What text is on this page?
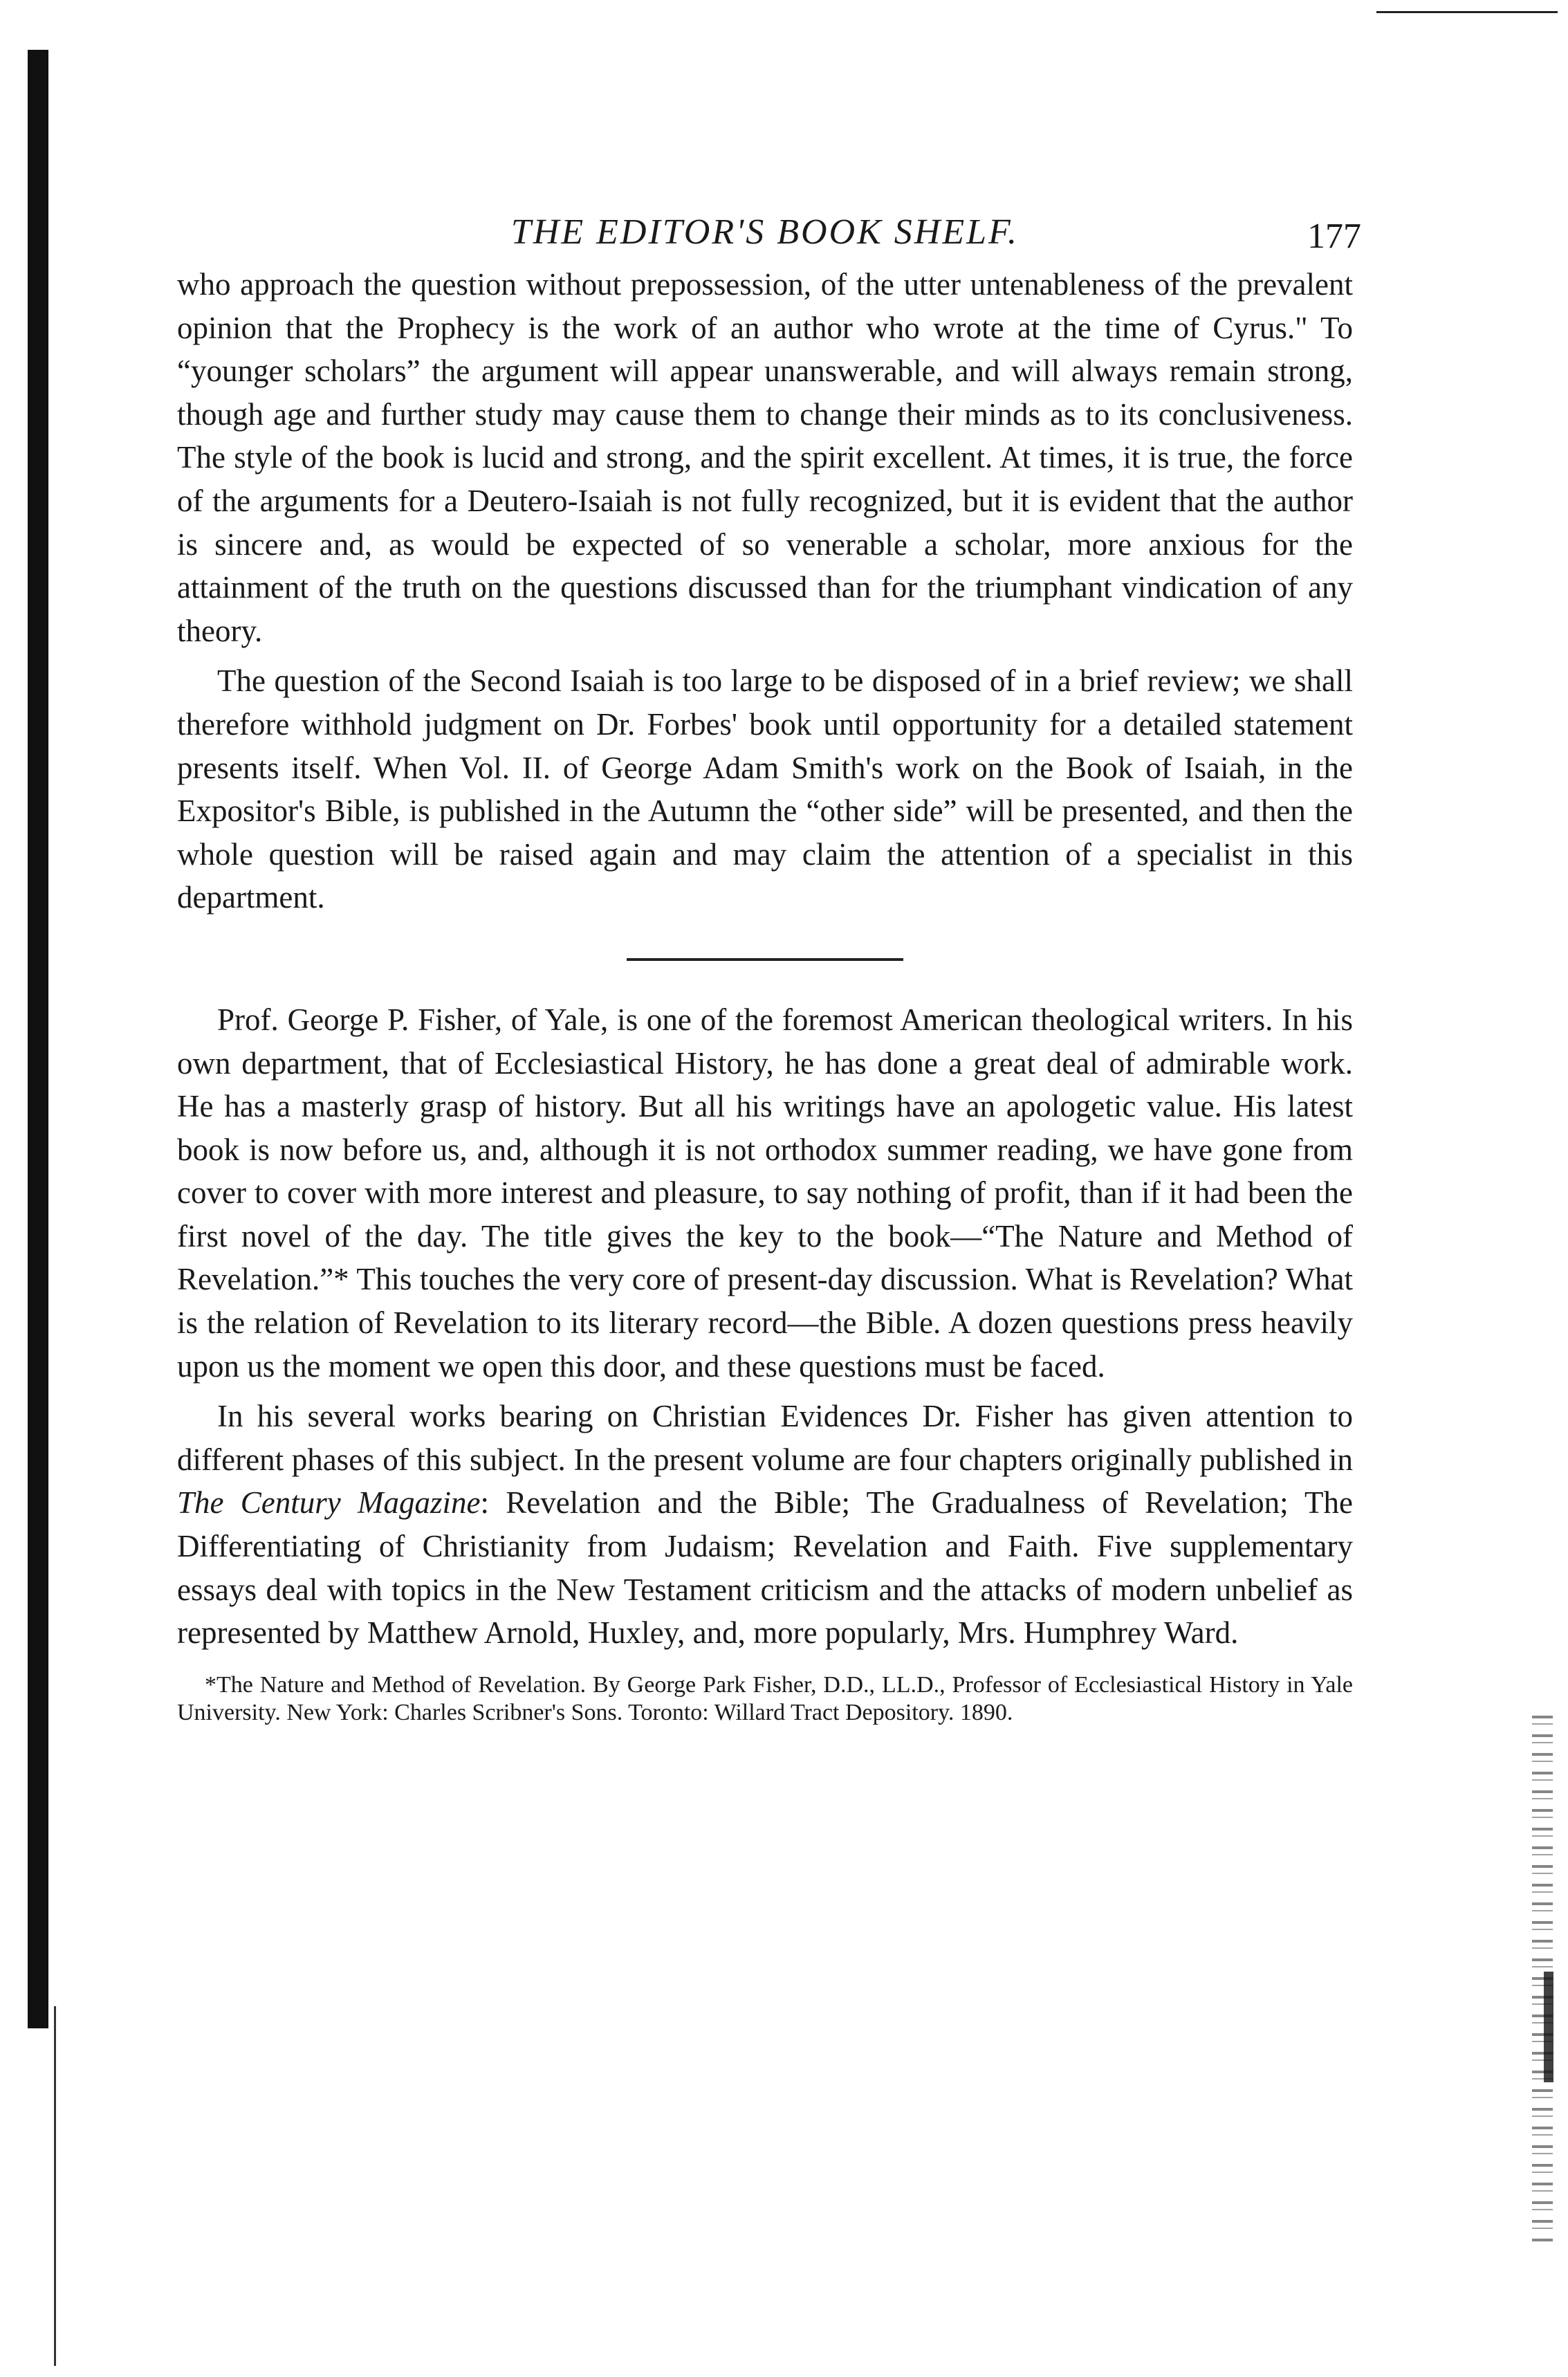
THE EDITOR'S BOOK SHELF.	177

who approach the question without prepossession, of the utter untenableness of the prevalent opinion that the Prophecy is the work of an author who wrote at the time of Cyrus." To “younger scholars” the argument will appear unanswerable, and will always remain strong, though age and further study may cause them to change their minds as to its conclusiveness. The style of the book is lucid and strong, and the spirit excellent. At times, it is true, the force of the arguments for a Deutero-Isaiah is not fully recognized, but it is evident that the author is sincere and, as would be expected of so venerable a scholar, more anxious for the attainment of the truth on the questions discussed than for the triumphant vindication of any theory.

The question of the Second Isaiah is too large to be disposed of in a brief review; we shall therefore withhold judgment on Dr. Forbes' book until opportunity for a detailed statement presents itself. When Vol. II. of George Adam Smith's work on the Book of Isaiah, in the Expositor's Bible, is published in the Autumn the “other side” will be presented, and then the whole question will be raised again and may claim the attention of a specialist in this department.

Prof. George P. Fisher, of Yale, is one of the foremost American theological writers. In his own department, that of Ecclesiastical History, he has done a great deal of admirable work. He has a masterly grasp of history. But all his writings have an apologetic value. His latest book is now before us, and, although it is not orthodox summer reading, we have gone from cover to cover with more interest and pleasure, to say nothing of profit, than if it had been the first novel of the day. The title gives the key to the book—“The Nature and Method of Revelation.”* This touches the very core of present-day discussion. What is Revelation? What is the relation of Revelation to its literary record—the Bible. A dozen questions press heavily upon us the moment we open this door, and these questions must be faced.

In his several works bearing on Christian Evidences Dr. Fisher has given attention to different phases of this subject. In the present volume are four chapters originally published in The Century Magazine: Revelation and the Bible; The Gradualness of Revelation; The Differentiating of Christianity from Judaism; Revelation and Faith. Five supplementary essays deal with topics in the New Testament criticism and the attacks of modern unbelief as represented by Matthew Arnold, Huxley, and, more popularly, Mrs. Humphrey Ward.

*The Nature and Method of Revelation. By George Park Fisher, D.D., LL.D., Professor of Ecclesiastical History in Yale University. New York: Charles Scribner's Sons. Toronto: Willard Tract Depository. 1890.
